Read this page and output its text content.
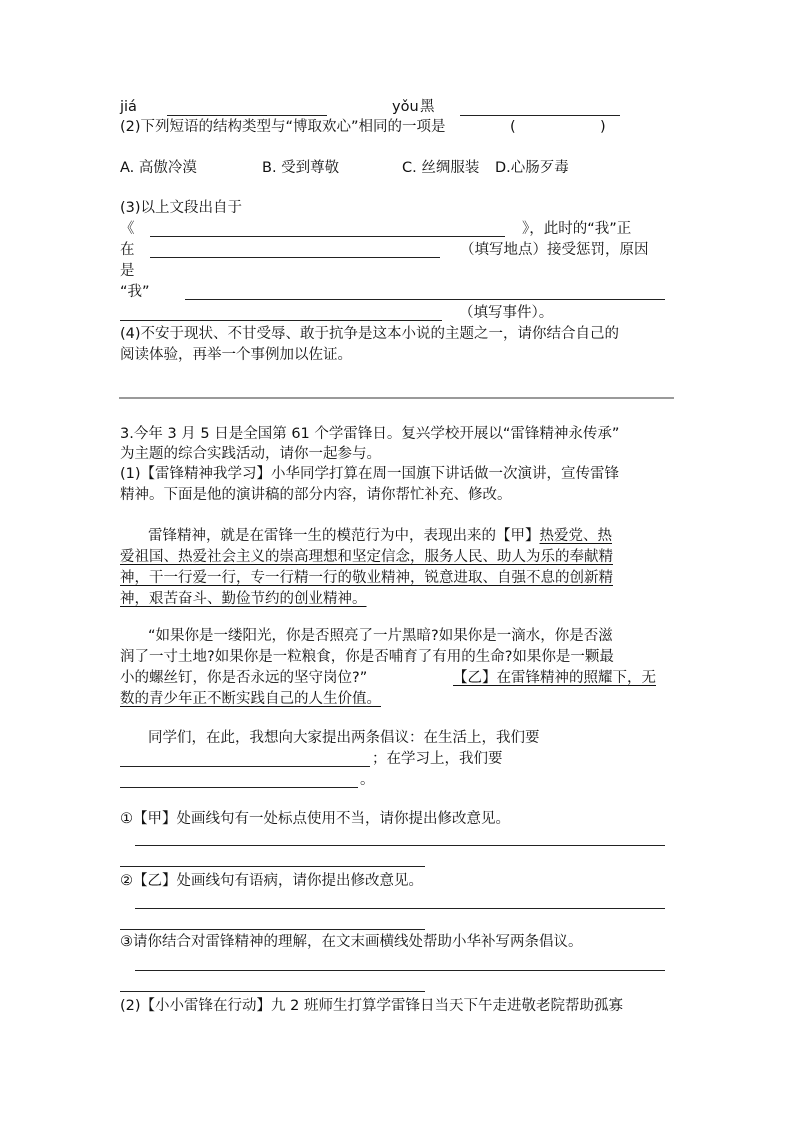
jiá	yǒu 黑
(2)下列短语的结构类型与“博取欢心”相同的一项是	(	)
A. 高傲冷漠	B. 受到尊敬	C. 丝绸服装 D.心肠歹毒
(3)以上文段出自于
《	》，此时的“我”正
在	（填写地点）接受惩罚，原因
是
“我”
（填写事件）。
(4)不安于现状、不甘受辱、敢于抗争是这本小说的主题之一，请你结合自己的
阅读体验，再举一个事例加以佐证。
3.今年 3 月 5 日是全国第 61 个学雷锋日。复兴学校开展以“雷锋精神永传承”
为主题的综合实践活动，请你一起参与。
(1)【雷锋精神我学习】小华同学打算在周一国旗下讲话做一次演讲，宣传雷锋
精神。下面是他的演讲稿的部分内容，请你帮忙补充、修改。
雷锋精神，就是在雷锋一生的模范行为中，表现出来的【甲】热爱党、热
爱祖国、热爱社会主义的崇高理想和坚定信念，服务人民、助人为乐的奉献精
神，干一行爱一行，专一行精一行的敬业精神，锐意进取、自强不息的创新精
神，艰苦奋斗、勤俭节约的创业精神。
“如果你是一缕阳光，你是否照亮了一片黑暗?如果你是一滴水，你是否滋
润了一寸土地?如果你是一粒粮食，你是否哺育了有用的生命?如果你是一颗最
小的螺丝钉，你是否永远的坚守岗位?”	【乙】在雷锋精神的照耀下，无
数的青少年正不断实践自己的人生价值。
同学们，在此，我想向大家提出两条倡议：在生活上，我们要
；在学习上，我们要
。
①【甲】处画线句有一处标点使用不当，请你提出修改意见。
②【乙】处画线句有语病，请你提出修改意见。
③请你结合对雷锋精神的理解，在文末画横线处帮助小华补写两条倡议。
(2)【小小雷锋在行动】九 2 班师生打算学雷锋日当天下午走进敬老院帮助孤寡
